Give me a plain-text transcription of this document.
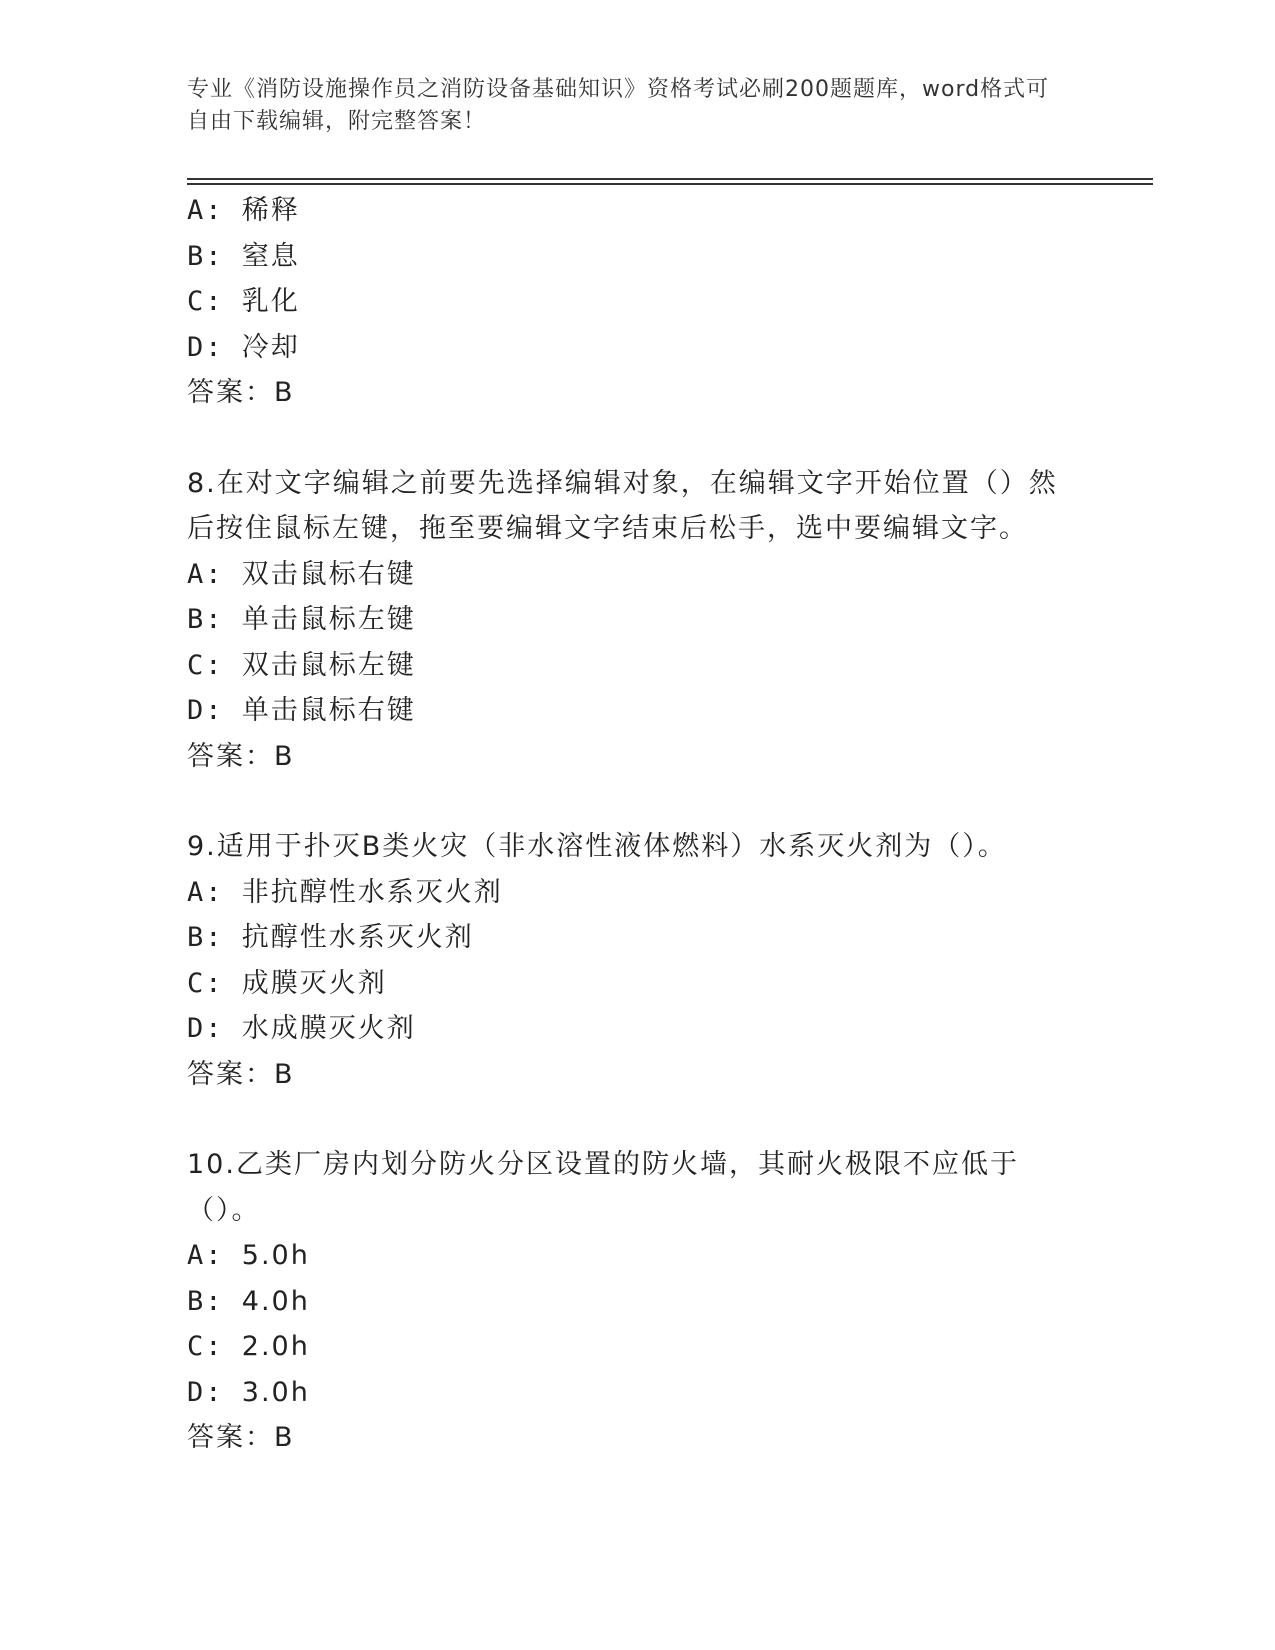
专业《消防设施操作员之消防设备基础知识》资格考试必刷200题题库，word格式可自由下载编辑，附完整答案！
A: 稀释
B: 窒息
C: 乳化
D: 冷却
答案：B
8.在对文字编辑之前要先选择编辑对象，在编辑文字开始位置（）然后按住鼠标左键，拖至要编辑文字结束后松手，选中要编辑文字。
A: 双击鼠标右键
B: 单击鼠标左键
C: 双击鼠标左键
D: 单击鼠标右键
答案：B
9.适用于扑灭B类火灾（非水溶性液体燃料）水系灭火剂为（）。
A: 非抗醇性水系灭火剂
B: 抗醇性水系灭火剂
C: 成膜灭火剂
D: 水成膜灭火剂
答案：B
10.乙类厂房内划分防火分区设置的防火墙，其耐火极限不应低于（）。
A: 5.0h
B: 4.0h
C: 2.0h
D: 3.0h
答案：B
